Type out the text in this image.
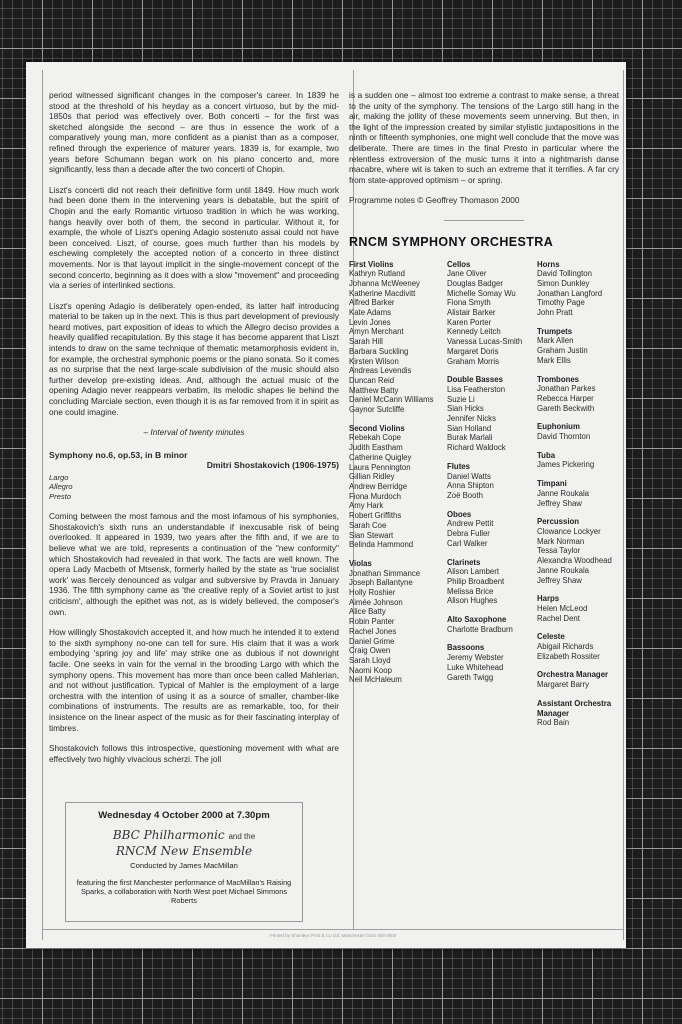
period witnessed significant changes in the composer's career. In 1839 he stood at the threshold of his heyday as a concert virtuoso, but by the mid-1850s that period was effectively over. Both concerti – for the first was sketched alongside the second – are thus in essence the work of a comparatively young man, more confident as a pianist than as a composer, refined through the experience of maturer years. 1839 is, for example, two years before Schumann began work on his piano concerto and, more significantly, less than a decade after the two concerti of Chopin.

Liszt's concerti did not reach their definitive form until 1849. How much work had been done them in the intervening years is debatable, but the spirit of Chopin and the early Romantic virtuoso tradition in which he was working, hangs heavily over both of them, the second in particular. Without it, for example, the whole of Liszt's opening Adagio sostenuto assai could not have been conceived. Liszt, of course, goes much further than his models by eschewing completely the accepted notion of a concerto in three distinct movements. Nor is that layout implicit in the single-movement concept of the second concerto, beginning as it does with a slow "movement" and proceeding via a series of interlinked sections.

Liszt's opening Adagio is deliberately open-ended, its latter half introducing material to be taken up in the next. This is thus part development of previously heard motives, part exposition of ideas to which the Allegro deciso provides a heavily qualified recapitulation. By this stage it has become apparent that Liszt intends to draw on the same technique of thematic metamorphosis evident in, for example, the orchestral symphonic poems or the piano sonata. So it comes as no surprise that the next large-scale subdivision of the music should also further develop pre-existing ideas. And, although the actual music of the opening Adagio never reappears verbatim, its melodic shapes lie behind the concluding Marciale section, even though it is as far removed from it in spirit as one could imagine.

– Interval of twenty minutes
Symphony no.6, op.53, in B minor
Dmitri Shostakovich (1906-1975)
Largo
Allegro
Presto

Coming between the most famous and the most infamous of his symphonies, Shostakovich's sixth runs an understandable if inexcusable risk of being overlooked. It appeared in 1939, two years after the fifth and, if we are to believe what we are told, represents a continuation of the "new conformity" which Shostakovich had revealed in that work. The facts are well known. The opera Lady Macbeth of Mtsensk, formerly hailed by the state as 'true socialist work' was fiercely denounced as vulgar and subversive by Pravda in January 1936. The fifth symphony came as 'the creative reply of a Soviet artist to just criticism', although the epithet was not, as is widely believed, the composer's own.

How willingly Shostakovich accepted it, and how much he intended it to extend to the sixth symphony no-one can tell for sure. His claim that it was a work embodying 'spring joy and life' may strike one as dubious if not downright facile. One seeks in vain for the vernal in the brooding Largo with which the symphony opens. This movement has more than once been called Mahlerian, and not without justification. Typical of Mahler is the employment of a large orchestra with the intention of using it as a source of smaller, chamber-like combinations of instruments. The results are as remarkable, too, for their insistence on the linear aspect of the music as for their fascinating interplay of timbres.

Shostakovich follows this introspective, questioning movement with what are effectively two highly vivacious scherzi. The joll

is a sudden one – almost too extreme a contrast to make sense, a threat to the unity of the symphony. The tensions of the Largo still hang in the air, making the jollity of these movements seem unnerving. But then, in the light of the impression created by similar stylistic juxtapositions in the ninth or fifteenth symphonies, one might well conclude that the move was deliberate. There are times in the final Presto in particular where the relentless extroversion of the music turns it into a nightmarish danse macabre, where wit is taken to such an extreme that it terrifies. A far cry from state-approved optimism – or spring.

Programme notes © Geoffrey Thomason 2000
RNCM SYMPHONY ORCHESTRA
First Violins
Kathryn Rutland
Johanna McWeeney
Katherine Macdivitt
Alfred Barker
Kate Adams
Levin Jones
Amyn Merchant
Sarah Hill
Barbara Suckling
Kirsten Wilson
Andreas Levendis
Duncan Reid
Matthew Batty
Daniel McCann Williams
Gaynor Sutcliffe
Second Violins
Rebekah Cope
Judith Eastham
Catherine Quigley
Laura Pennington
Gillian Ridley
Andrew Berridge
Fiona Murdoch
Amy Hark
Robert Griffiths
Sarah Coe
Sian Stewart
Belinda Hammond
Violas
Jonathan Simmance
Joseph Ballantyne
Holly Roshier
Aimée Johnson
Alice Batty
Robin Panter
Rachel Jones
Daniel Grime
Craig Owen
Sarah Lloyd
Naomi Koop
Neil McHaleum
Cellos
Jane Oliver
Douglas Badger
Michelle Somay Wu
Fiona Smyth
Alistair Barker
Karen Porter
Kennedy Leitch
Vanessa Lucas-Smith
Margaret Doris
Graham Morris
Double Basses
Lisa Featherston
Suzie Li
Sian Hicks
Jennifer Nicks
Sian Holland
Burak Marlali
Richard Waldock
Flutes
Daniel Watts
Anna Shipton
Zoë Booth
Oboes
Andrew Pettit
Debra Fuller
Carl Walker
Clarinets
Alison Lambert
Philip Broadbent
Melissa Brice
Alison Hughes
Alto Saxophone
Charlotte Bradburn
Bassoons
Jeremy Webster
Luke Whitehead
Gareth Twigg
Horns
David Tollington
Simon Dunkley
Jonathan Langford
Timothy Page
John Pratt
Trumpets
Mark Allen
Graham Justin
Mark Ellis
Trombones
Jonathan Parkes
Rebecca Harper
Gareth Beckwith
Euphonium
David Thornton
Tuba
James Pickering
Timpani
Janne Roukala
Jeffrey Shaw
Percussion
Clowance Lockyer
Mark Norman
Tessa Taylor
Alexandra Woodhead
Janne Roukala
Jeffrey Shaw
Harps
Helen McLeod
Rachel Dent
Celeste
Abigail Richards
Elizabeth Rossiter
Orchestra Manager
Margaret Barry
Assistant Orchestra Manager
Rod Bain
Wednesday 4 October 2000 at 7.30pm
BBC Philharmonic and the
RNCM New Ensemble
Conducted by James MacMillan
featuring the first Manchester performance of MacMillan's Raising Sparks, a collaboration with North West poet Michael Simmons Roberts
Printed by Shanleys Print & Co Ltd, Manchester 0161 000 0000
